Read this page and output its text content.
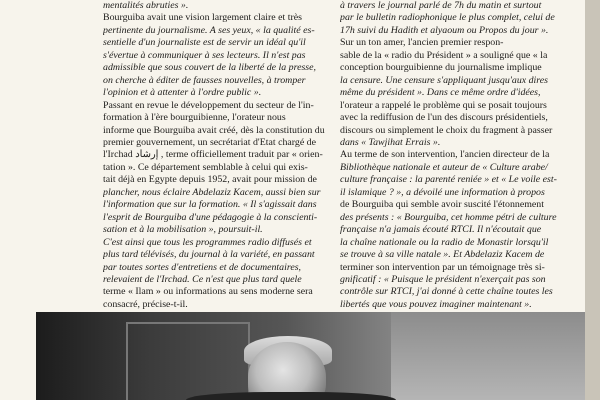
mentalités abruties ».
Bourguiba avait une vision largement claire et très
pertinente du journalisme. A ses yeux, « la qualité es-
sentielle d'un journaliste est de servir un idéal qu'il
s'évertue à communiquer à ses lecteurs. Il n'est pas
admissible que sous couvert de la liberté de la presse,
on cherche à éditer de fausses nouvelles, à tromper
l'opinion et à attenter à l'ordre public ».
Passant en revue le développement du secteur de l'in-
formation à l'ère bourguibienne, l'orateur nous
informe que Bourguiba avait créé, dès la constitution du
premier gouvernement, un secrétariat d'Etat chargé de
l'Irchad إرشاد , terme officiellement traduit par « orien-
tation ». Ce département semblable à celui qui exis-
tait déjà en Egypte depuis 1952, avait pour mission de
plancher, nous éclaire Abdelaziz Kacem, aussi bien sur
l'information que sur la formation. « Il s'agissait dans
l'esprit de Bourguiba d'une pédagogie à la conscienti-
sation et à la mobilisation », poursuit-il.
C'est ainsi que tous les programmes radio diffusés et
plus tard télévisés, du journal à la variété, en passant
par toutes sortes d'entretiens et de documentaires,
relevaient de l'Irchad. Ce n'est que plus tard quele
terme « Ilam » ou informations au sens moderne sera
consacré, précise-t-il.
à travers le journal parlé de 7h du matin et surtout
par le bulletin radiophonique le plus complet, celui de
17h suivi du Hadith et alyaoum ou Propos du jour ».
Sur un ton amer, l'ancien premier respon-
sable de la « radio du Président » a souligné que « la
conception bourguibienne du journalisme implique
la censure. Une censure s'appliquant jusqu'aux dires
même du président ». Dans ce même ordre d'idées,
l'orateur a rappelé le problème qui se posait toujours
avec la rediffusion de l'un des discours présidentiels,
discours ou simplement le choix du fragment à passer
dans « Tawjihat Errais ».
Au terme de son intervention, l'ancien directeur de la
Bibliothèque nationale et auteur de « Culture arabe/
culture française : la parenté reniée » et « Le voile est-
il islamique ? », a dévoilé une information à propos
de Bourguiba qui semble avoir suscité l'étonnement
des présents : « Bourguiba, cet homme pétri de culture
française n'a jamais écouté RTCI. Il n'écoutait que
la chaîne nationale ou la radio de Monastir lorsqu'il
se trouve à sa ville natale ». Et Abdelaziz Kacem de
terminer son intervention par un témoignage très si-
gnificatif : « Puisque le président n'exerçait pas son
contrôle sur RTCI, j'ai donné à cette chaîne toutes les
libertés que vous pouvez imaginer maintenant ».
